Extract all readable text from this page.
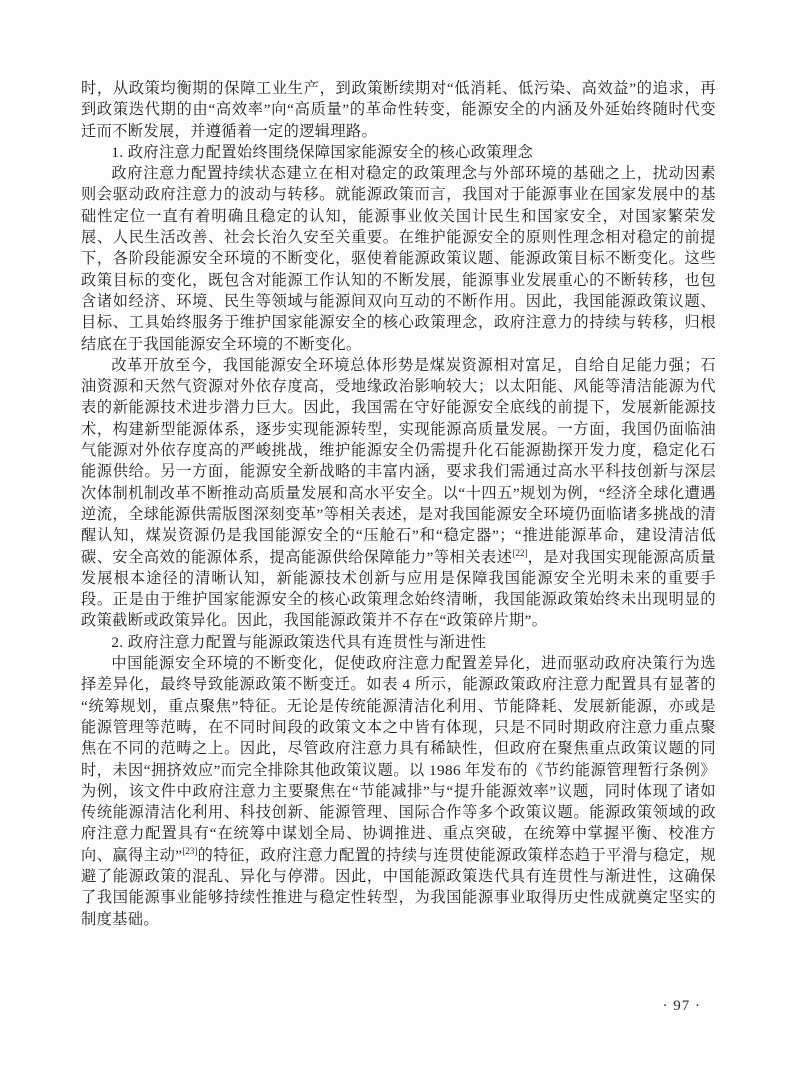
时，从政策均衡期的保障工业生产，到政策断续期对“低消耗、低污染、高效益”的追求，再到政策迭代期的由“高效率”向“高质量”的革命性转变，能源安全的内涵及外延始终随时代变迁而不断发展，并遵循着一定的逻辑理路。

1. 政府注意力配置始终围绕保障国家能源安全的核心政策理念

政府注意力配置持续状态建立在相对稳定的政策理念与外部环境的基础之上，扰动因素则会驱动政府注意力的波动与转移。就能源政策而言，我国对于能源事业在国家发展中的基础性定位一直有着明确且稳定的认知，能源事业攸关国计民生和国家安全，对国家繁荣发展、人民生活改善、社会长治久安至关重要。在维护能源安全的原则性理念相对稳定的前提下，各阶段能源安全环境的不断变化，驱使着能源政策议题、能源政策目标不断变化。这些政策目标的变化，既包含对能源工作认知的不断发展，能源事业发展重心的不断转移，也包含诸如经济、环境、民生等领域与能源间双向互动的不断作用。因此，我国能源政策议题、目标、工具始终服务于维护国家能源安全的核心政策理念，政府注意力的持续与转移，归根结底在于我国能源安全环境的不断变化。

改革开放至今，我国能源安全环境总体形势是煤炭资源相对富足，自给自足能力强；石油资源和天然气资源对外依存度高，受地缘政治影响较大；以太阳能、风能等清洁能源为代表的新能源技术进步潜力巨大。因此，我国需在守好能源安全底线的前提下，发展新能源技术，构建新型能源体系，逐步实现能源转型，实现能源高质量发展。一方面，我国仍面临油气能源对外依存度高的严峻挑战，维护能源安全仍需提升化石能源勘探开发力度，稳定化石能源供给。另一方面，能源安全新战略的丰富内涵，要求我们需通过高水平科技创新与深层次体制机制改革不断推动高质量发展和高水平安全。以“十四五”规划为例，“经济全球化遭遇逆流，全球能源供需版图深刻变革”等相关表述，是对我国能源安全环境仍面临诸多挑战的清醒认知，煤炭资源仍是我国能源安全的“压舱石”和“稳定器”；“推进能源革命，建设清洁低碳、安全高效的能源体系，提高能源供给保障能力”等相关表述[22]，是对我国实现能源高质量发展根本途径的清晰认知，新能源技术创新与应用是保障我国能源安全光明未来的重要手段。正是由于维护国家能源安全的核心政策理念始终清晰，我国能源政策始终未出现明显的政策截断或政策异化。因此，我国能源政策并不存在“政策碎片期”。

2. 政府注意力配置与能源政策迭代具有连贯性与渐进性

中国能源安全环境的不断变化，促使政府注意力配置差异化，进而驱动政府决策行为选择差异化，最终导致能源政策不断变迁。如表 4 所示，能源政策政府注意力配置具有显著的“统筹规划，重点聚焦”特征。无论是传统能源清洁化利用、节能降耗、发展新能源，亦或是能源管理等范畴，在不同时间段的政策文本之中皆有体现，只是不同时期政府注意力重点聚焦在不同的范畴之上。因此，尽管政府注意力具有稀缺性，但政府在聚焦重点政策议题的同时，未因“拥挤效应”而完全排除其他政策议题。以 1986 年发布的《节约能源管理暂行条例》为例，该文件中政府注意力主要聚焦在“节能减排”与“提升能源效率”议题，同时体现了诸如传统能源清洁化利用、科技创新、能源管理、国际合作等多个政策议题。能源政策领域的政府注意力配置具有“在统筹中谋划全局、协调推进、重点突破，在统筹中掌握平衡、校准方向、赢得主动”[23]的特征，政府注意力配置的持续与连贯使能源政策样态趋于平滑与稳定，规避了能源政策的混乱、异化与停滞。因此，中国能源政策迭代具有连贯性与渐进性，这确保了我国能源事业能够持续性推进与稳定性转型，为我国能源事业取得历史性成就奠定坚实的制度基础。

· 97 ·
